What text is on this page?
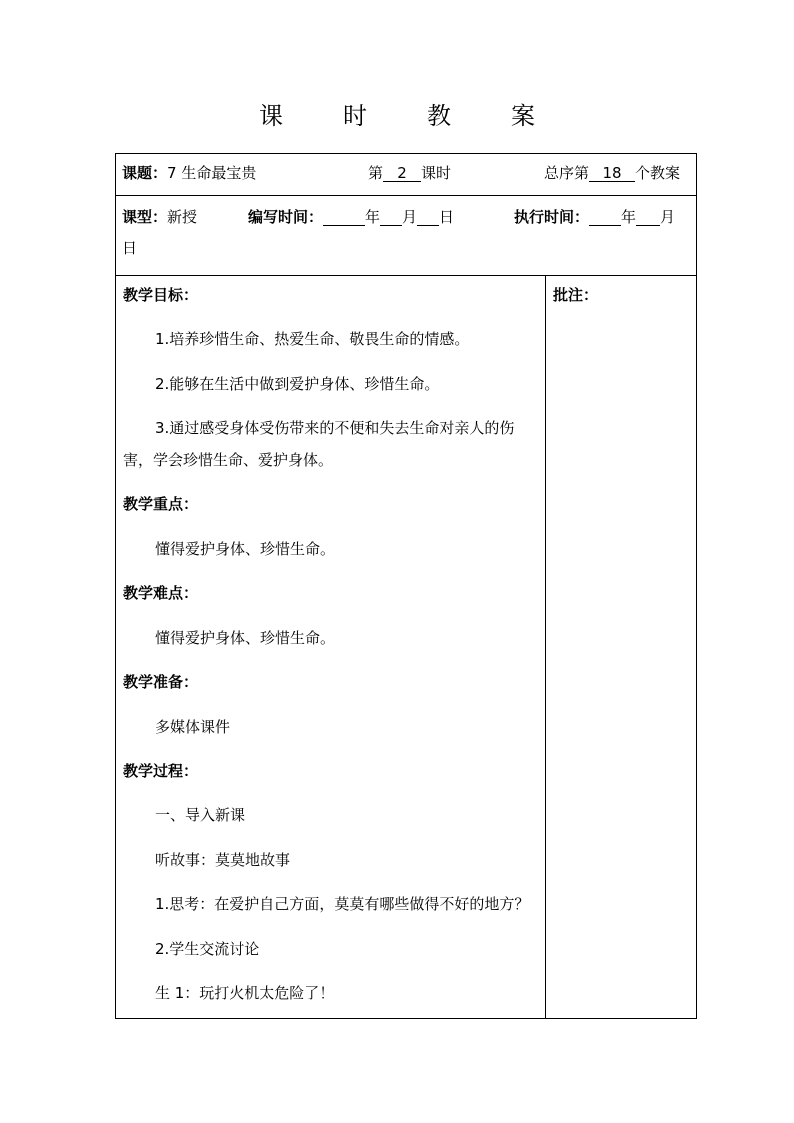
课	时	教	案
课题：7 生命最宝贵	第 2 课时	总序第 18 个教案
课型：新授	编写时间：	年 月 日	执行时间： 年 月
日

教学目标：

1.培养珍惜生命、热爱生命、敬畏生命的情感。

2.能够在生活中做到爱护身体、珍惜生命。

3.通过感受身体受伤带来的不便和失去生命对亲人的伤

害，学会珍惜生命、爱护身体。

教学重点：

懂得爱护身体、珍惜生命。

教学难点：

懂得爱护身体、珍惜生命。

教学准备：

多媒体课件

教学过程：

一、导入新课

听故事：莫莫地故事

1.思考：在爱护自己方面，莫莫有哪些做得不好的地方？

2.学生交流讨论

生 1：玩打火机太危险了！

批注：
